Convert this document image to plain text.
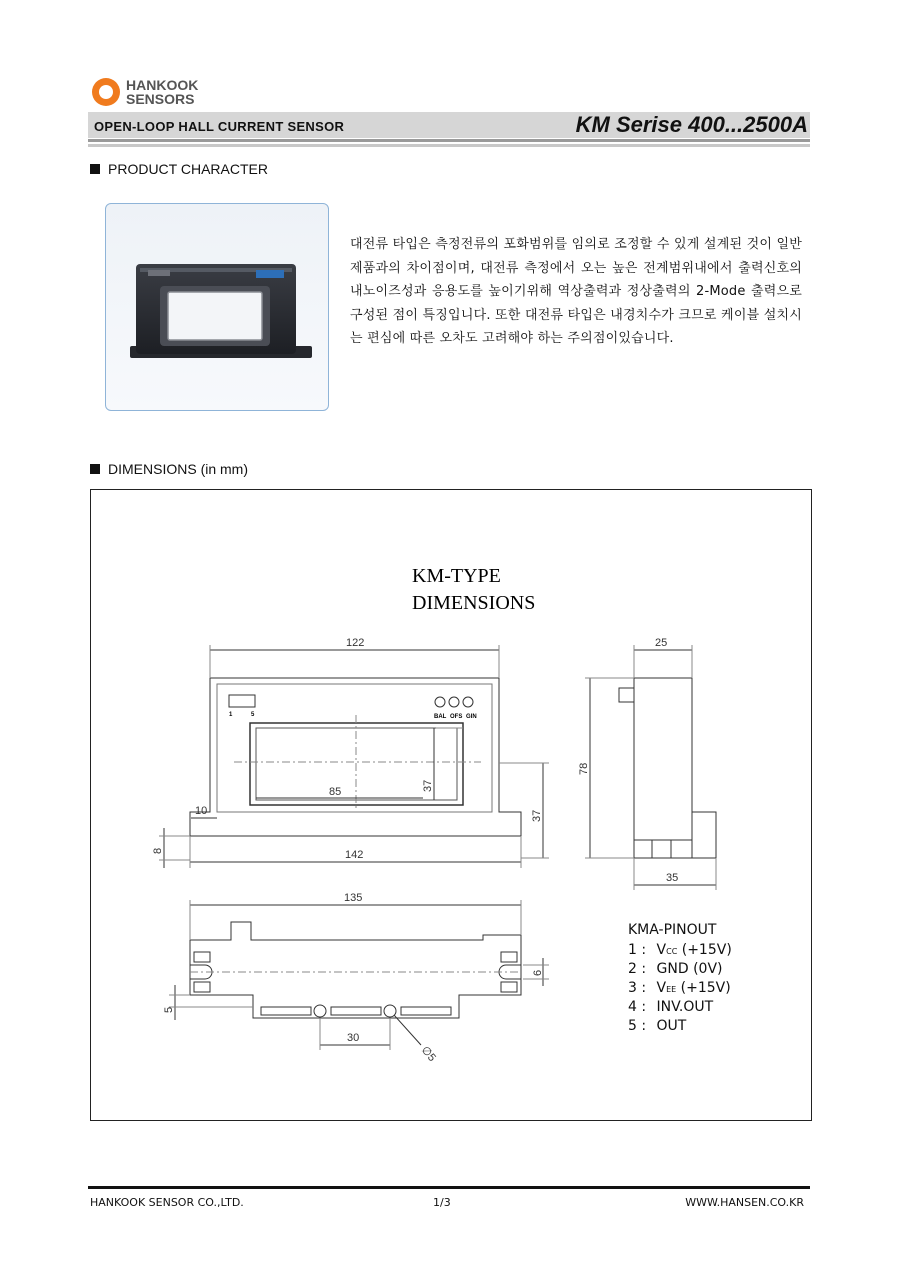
HANKOOK
SENSORS
OPEN-LOOP HALL CURRENT SENSOR	KM Serise 400...2500A
PRODUCT CHARACTER
대전류 타입은 측정전류의 포화범위를 임의로 조정할 수 있게 설계된 것이 일반제품과의 차이점이며, 대전류 측정에서 오는 높은 전계범위내에서 출력신호의 내노이즈성과 응용도를 높이기위해 역상출력과 정상출력의 2-Mode 출력으로 구성된 점이 특징입니다. 또한 대전류 타입은 내경치수가 크므로 케이블 설치시는 편심에 따른 오차도 고려해야 하는 주의점이있습니다.
DIMENSIONS (in mm)
KM-TYPE
DIMENSIONS
1	5	BAL OFS GIN
122
142
85	37
37
10
8
25
78
35
135
30
6
5
∅5
KMA-PINOUT
1 : VCC (+15V)
2 : GND (0V)
3 : VEE (+15V)
4 : INV.OUT
5 : OUT
HANKOOK SENSOR CO.,LTD.	1/3	WWW.HANSEN.CO.KR
